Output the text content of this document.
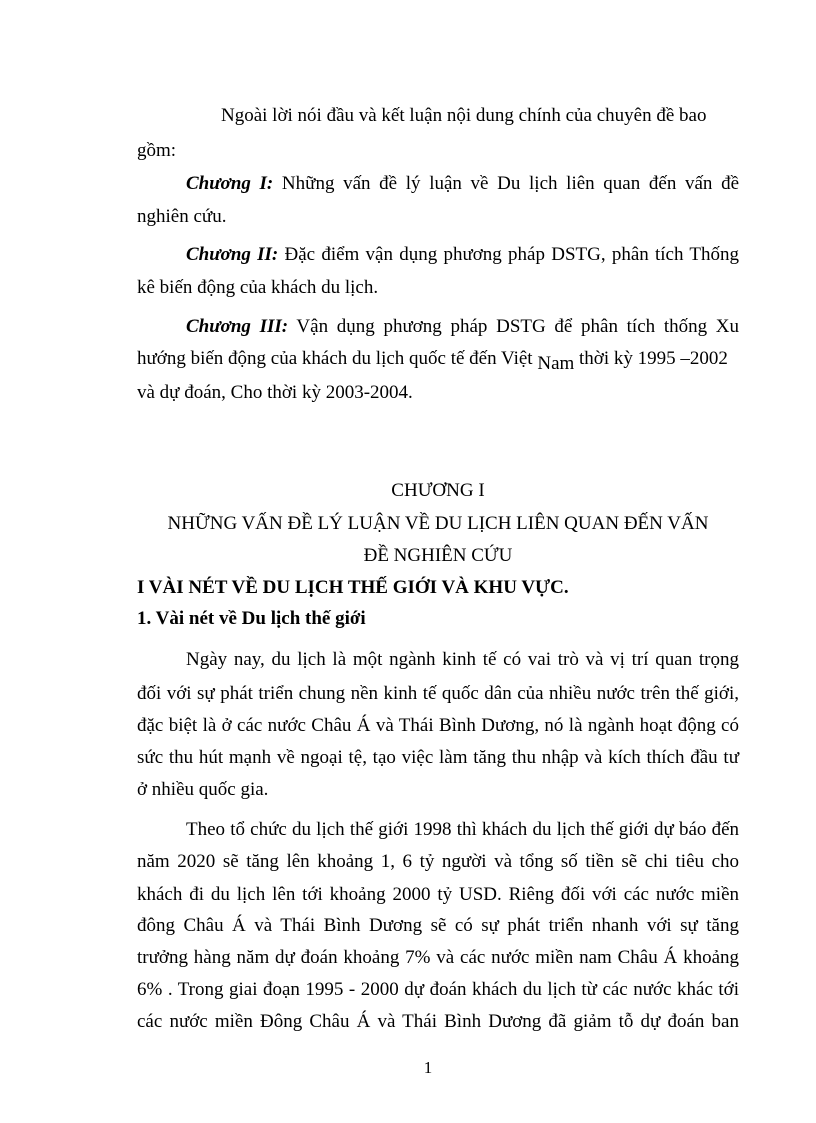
Ngoài lời nói đầu và kết luận nội dung chính của chuyên đề bao
gồm:
Chương I: Những vấn đề lý luận về Du lịch liên quan đến vấn đề
nghiên cứu.
Chương II: Đặc điểm vận dụng phương pháp DSTG, phân tích Thống
kê biến động của khách du lịch.
Chương III: Vận dụng phương pháp DSTG để phân tích thống Xu
hướng biến động của khách du lịch quốc tế đến Việt Nam thời kỳ 1995 –2002
và dự đoán, Cho thời kỳ 2003-2004.
CHƯƠNG I
NHỮNG VẤN ĐỀ LÝ LUẬN VỀ DU LỊCH LIÊN QUAN ĐẾN VẤN
ĐỀ NGHIÊN CỨU
I VÀI NÉT VỀ DU LỊCH THẾ GIỚI VÀ KHU VỰC.
1. Vài nét về Du lịch thế giới
Ngày nay, du lịch là một ngành kinh tế có vai trò và vị trí quan trọng
đối với sự phát triển chung nền kinh tế quốc dân của nhiều nước trên thế giới,
đặc biệt là ở các nước Châu Á và Thái Bình Dương, nó là ngành hoạt động có
sức thu hút mạnh về ngoại tệ, tạo việc làm tăng thu nhập và kích thích đầu tư
ở nhiều quốc gia.
Theo tổ chức du lịch thế giới 1998 thì khách du lịch thế giới dự báo đến
năm 2020 sẽ tăng lên khoảng 1, 6 tỷ người và tổng số tiền sẽ chi tiêu cho
khách đi du lịch lên tới khoảng 2000 tỷ USD. Riêng đối với các nước miền
đông Châu Á và Thái Bình Dương sẽ có sự phát triển nhanh với sự tăng
trưởng hàng năm dự đoán khoảng 7% và các nước miền nam Châu Á khoảng
6% . Trong giai đoạn 1995 - 2000 dự đoán khách du lịch từ các nước khác tới
các nước miền Đông Châu Á và Thái Bình Dương đã giảm tỗ dự đoán ban
1
